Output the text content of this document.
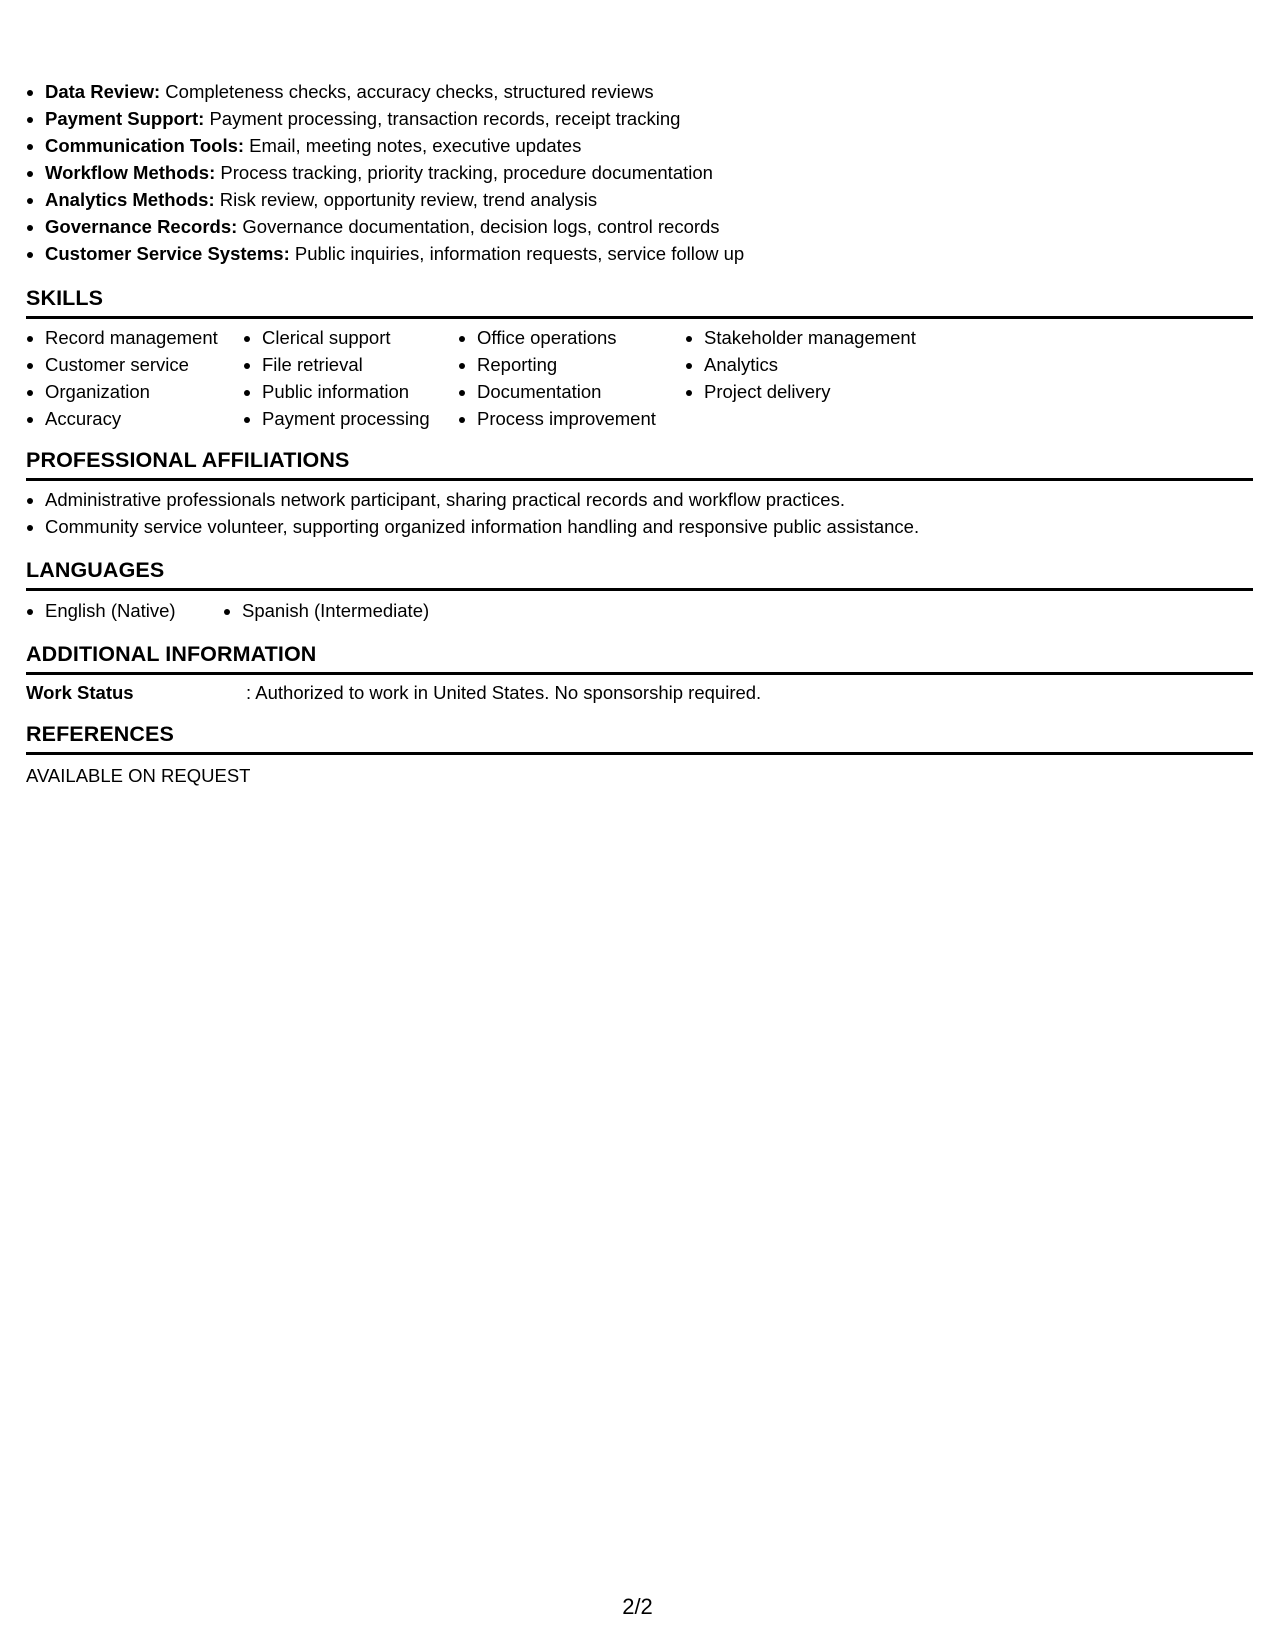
• Data Review: Completeness checks, accuracy checks, structured reviews
• Payment Support: Payment processing, transaction records, receipt tracking
• Communication Tools: Email, meeting notes, executive updates
• Workflow Methods: Process tracking, priority tracking, procedure documentation
• Analytics Methods: Risk review, opportunity review, trend analysis
• Governance Records: Governance documentation, decision logs, control records
• Customer Service Systems: Public inquiries, information requests, service follow up
SKILLS
• Record management
• Customer service
• Organization
• Accuracy
• Clerical support
• File retrieval
• Public information
• Payment processing
• Office operations
• Reporting
• Documentation
• Process improvement
• Stakeholder management
• Analytics
• Project delivery
PROFESSIONAL AFFILIATIONS
• Administrative professionals network participant, sharing practical records and workflow practices.
• Community service volunteer, supporting organized information handling and responsive public assistance.
LANGUAGES
• English (Native)
•	Spanish (Intermediate)
ADDITIONAL INFORMATION
Work Status	: Authorized to work in United States. No sponsorship required.
REFERENCES
AVAILABLE ON REQUEST
2/2
